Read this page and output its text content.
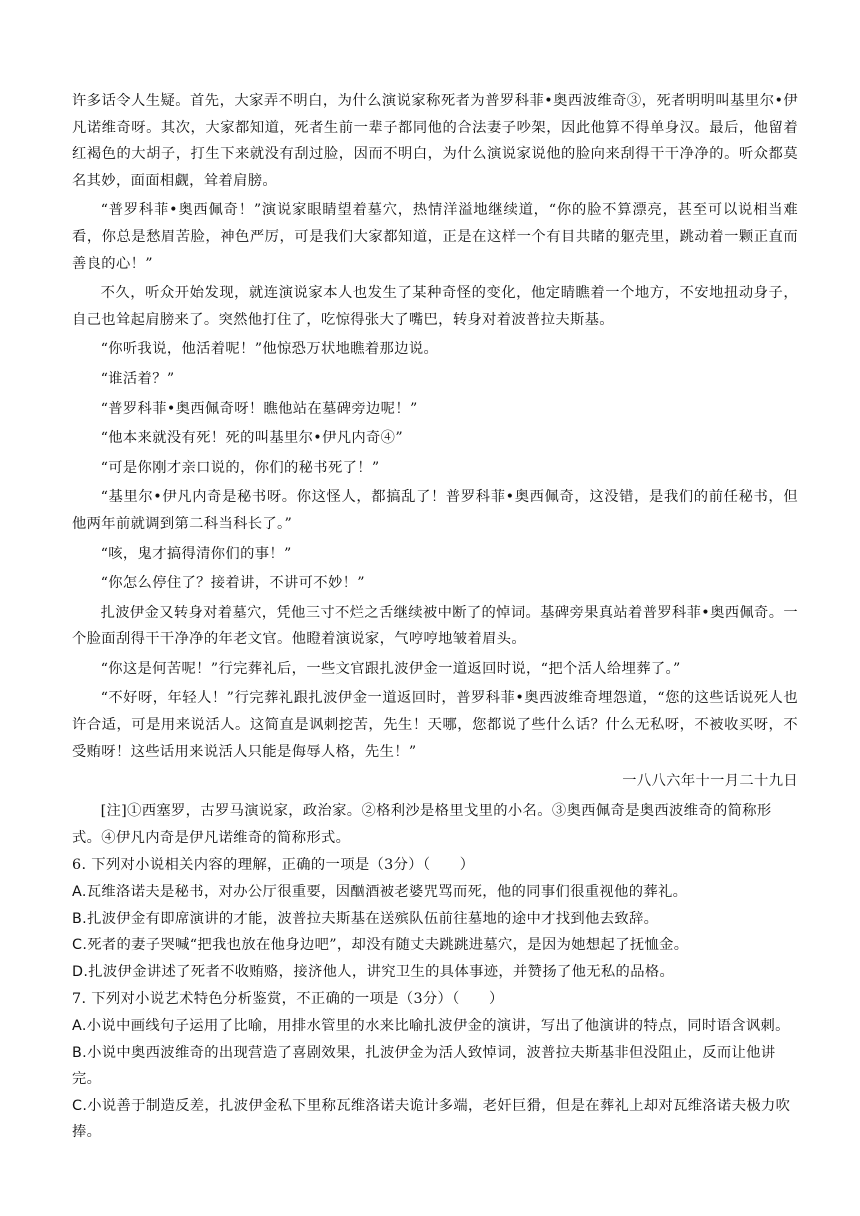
许多话令人生疑。首先，大家弄不明白，为什么演说家称死者为普罗科菲•奥西波维奇③，死者明明叫基里尔•伊凡诺维奇呀。其次，大家都知道，死者生前一辈子都同他的合法妻子吵架，因此他算不得单身汉。最后，他留着红褐色的大胡子，打生下来就没有刮过脸，因而不明白，为什么演说家说他的脸向来刮得干干净净的。听众都莫名其妙，面面相觑，耸着肩膀。

“普罗科菲•奥西佩奇！”演说家眼睛望着墓穴，热情洋溢地继续道，“你的脸不算漂亮，甚至可以说相当难看，你总是愁眉苦脸，神色严厉，可是我们大家都知道，正是在这样一个有目共睹的躯壳里，跳动着一颗正直而善良的心！”

不久，听众开始发现，就连演说家本人也发生了某种奇怪的变化，他定睛瞧着一个地方，不安地扭动身子，自己也耸起肩膀来了。突然他打住了，吃惊得张大了嘴巴，转身对着波普拉夫斯基。

“你听我说，他活着呢！”他惊恐万状地瞧着那边说。

“谁活着？”

“普罗科菲•奥西佩奇呀！瞧他站在墓碑旁边呢！”

“他本来就没有死！死的叫基里尔•伊凡内奇④”

“可是你刚才亲口说的，你们的秘书死了！”

“基里尔•伊凡内奇是秘书呀。你这怪人，都搞乱了！普罗科菲•奥西佩奇，这没错，是我们的前任秘书，但他两年前就调到第二科当科长了。”

“咳，鬼才搞得清你们的事！”

“你怎么停住了？接着讲，不讲可不妙！”

扎波伊金又转身对着墓穴，凭他三寸不烂之舌继续被中断了的悼词。基碑旁果真站着普罗科菲•奥西佩奇。一个脸面刮得干干净净的年老文官。他瞪着演说家，气哼哼地皱着眉头。

“你这是何苦呢！”行完葬礼后，一些文官跟扎波伊金一道返回时说，“把个活人给埋葬了。”

“不好呀，年轻人！”行完葬礼跟扎波伊金一道返回时，普罗科菲•奥西波维奇埋怨道，“您的这些话说死人也许合适，可是用来说活人。这简直是讽刺挖苦，先生！天哪，您都说了些什么话？什么无私呀，不被收买呀，不受贿呀！这些话用来说活人只能是侮辱人格，先生！”

一八八六年十一月二十九日

[注]①西塞罗，古罗马演说家，政治家。②格利沙是格里戈里的小名。③奥西佩奇是奥西波维奇的简称形式。④伊凡内奇是伊凡诺维奇的简称形式。

6. 下列对小说相关内容的理解，正确的一项是（3分）（　　）

A.瓦维洛诺夫是秘书，对办公厅很重要，因酗酒被老婆咒骂而死，他的同事们很重视他的葬礼。

B.扎波伊金有即席演讲的才能，波普拉夫斯基在送殡队伍前往墓地的途中才找到他去致辞。

C.死者的妻子哭喊“把我也放在他身边吧”，却没有随丈夫跳跳进墓穴，是因为她想起了抚恤金。

D.扎波伊金讲述了死者不收贿赂，接济他人，讲究卫生的具体事迹，并赞扬了他无私的品格。

7. 下列对小说艺术特色分析鉴赏，不正确的一项是（3分）（　　）

A.小说中画线句子运用了比喻，用排水管里的水来比喻扎波伊金的演讲，写出了他演讲的特点，同时语含讽刺。

B.小说中奥西波维奇的出现营造了喜剧效果，扎波伊金为活人致悼词，波普拉夫斯基非但没阻止，反而让他讲完。

C.小说善于制造反差，扎波伊金私下里称瓦维洛诺夫诡计多端，老奸巨猾，但是在葬礼上却对瓦维洛诺夫极力吹捧。
